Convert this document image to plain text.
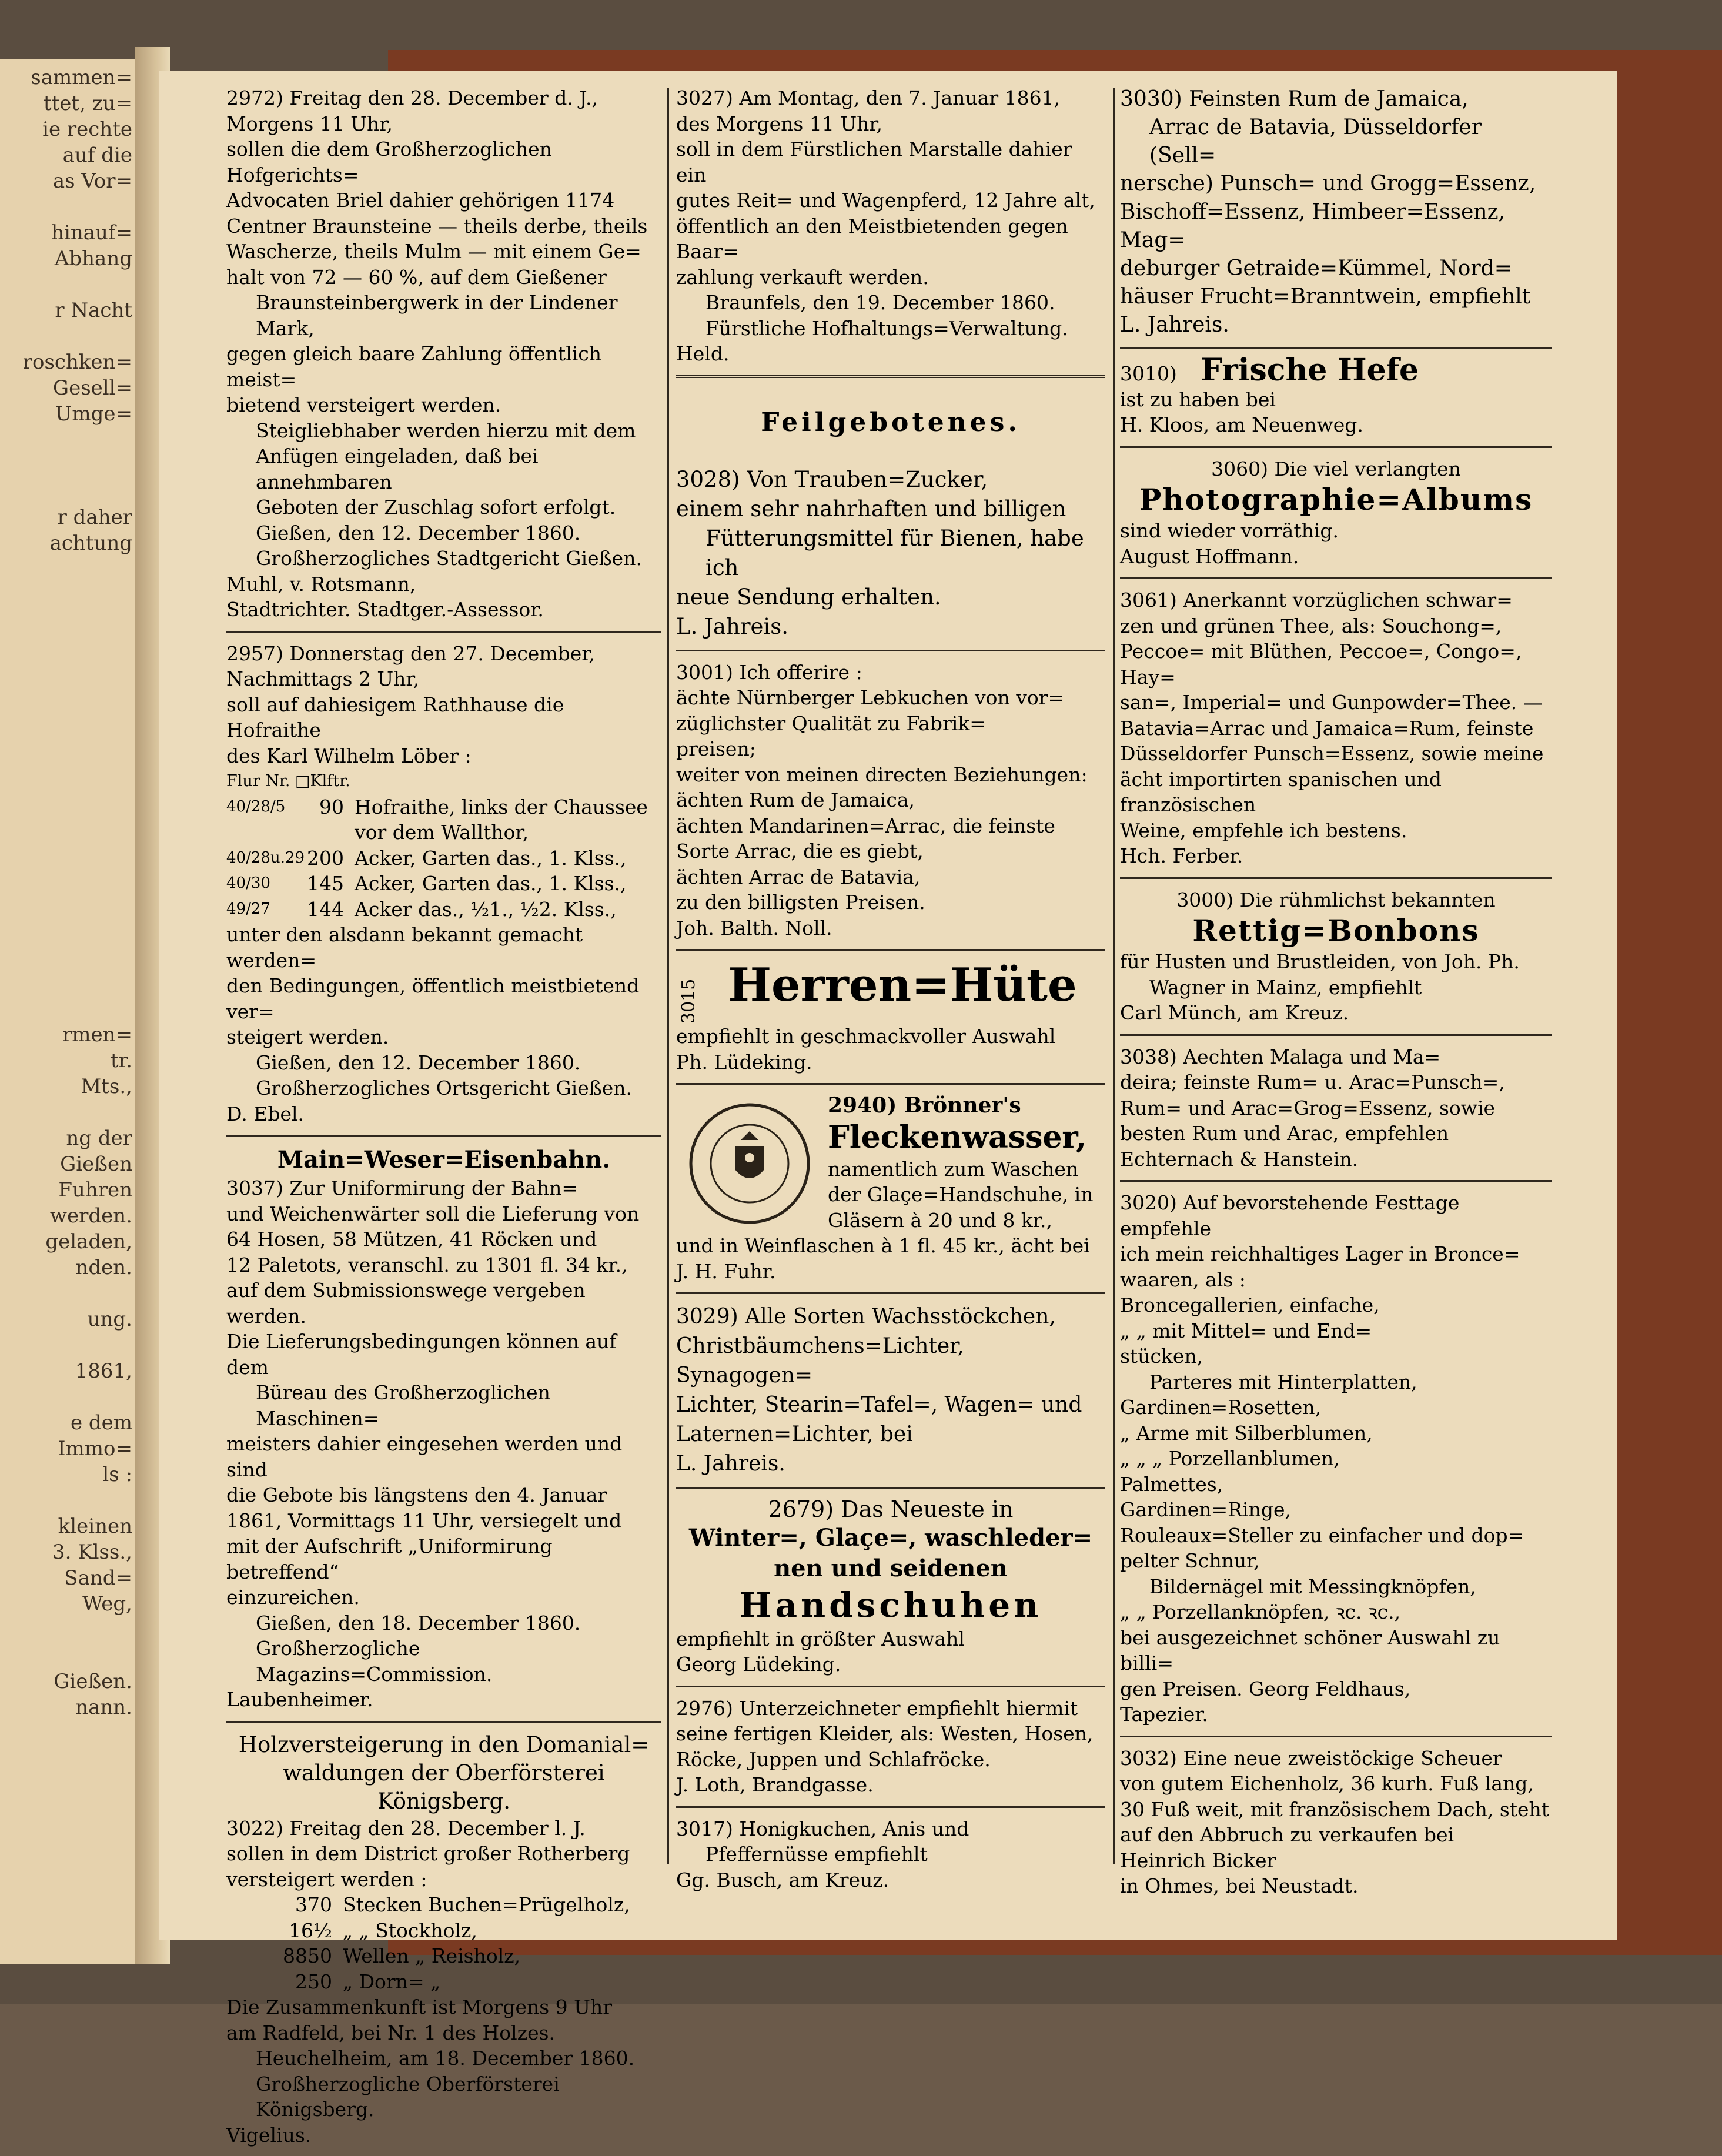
sammen=
ttet, zu=
ie rechte
auf die
as Vor=
hinauf=
Abhang
r Nacht
roschken=
Gesell=
Umge=
r daher
achtung
rmen=
tr.
Mts.,
ng der
Gießen
Fuhren
werden.
geladen,
nden.
ung.
1861,
e dem
Immo=
ls :
kleinen
3. Klss.,
Sand=
Weg,
Gießen.
nann.

2972) Freitag den 28. December d. J.,

Morgens 11 Uhr,

sollen die dem Großherzoglichen Hofgerichts=

Advocaten Briel dahier gehörigen 1174

Centner Braunsteine — theils derbe, theils

Wascherze, theils Mulm — mit einem Ge=

halt von 72 — 60 %, auf dem Gießener

Braunsteinbergwerk in der Lindener Mark,

gegen gleich baare Zahlung öffentlich meist=

bietend versteigert werden.

Steigliebhaber werden hierzu mit dem

Anfügen eingeladen, daß bei annehmbaren

Geboten der Zuschlag sofort erfolgt.

Gießen, den 12. December 1860.

Großherzogliches Stadtgericht Gießen.

Muhl, v. Rotsmann,

Stadtrichter. Stadtger.-Assessor.

2957) Donnerstag den 27. December,

Nachmittags 2 Uhr,

soll auf dahiesigem Rathhause die Hofraithe

des Karl Wilhelm Löber :

Flur Nr. □Klftr.

40/28/5	90 Hofraithe, links der Chaussee vor dem Wallthor,
40/28u.29 200 Acker, Garten das., 1. Klss.,
40/30	145 Acker, Garten das., 1. Klss.,
49/27	144 Acker das., ½1., ½2. Klss.,

unter den alsdann bekannt gemacht werden=

den Bedingungen, öffentlich meistbietend ver=

steigert werden.

Gießen, den 12. December 1860.

Großherzogliches Ortsgericht Gießen.

D. Ebel.

Main=Weser=Eisenbahn.

3037) Zur Uniformirung der Bahn=

und Weichenwärter soll die Lieferung von

64 Hosen, 58 Mützen, 41 Röcken und

12 Paletots, veranschl. zu 1301 fl. 34 kr.,

auf dem Submissionswege vergeben werden.

Die Lieferungsbedingungen können auf dem

Büreau des Großherzoglichen Maschinen=

meisters dahier eingesehen werden und sind

die Gebote bis längstens den 4. Januar

1861, Vormittags 11 Uhr, versiegelt und

mit der Aufschrift „Uniformirung betreffend“

einzureichen.

Gießen, den 18. December 1860.

Großherzogliche Magazins=Commission.

Laubenheimer.

Holzversteigerung in den Domanial=

waldungen der Oberförsterei

Königsberg.

3022) Freitag den 28. December l. J.

sollen in dem District großer Rotherberg

versteigert werden :

370 Stecken Buchen=Prügelholz,
16½ „ „ Stockholz,
8850 Wellen „ Reisholz,
250 „ Dorn= „

Die Zusammenkunft ist Morgens 9 Uhr

am Radfeld, bei Nr. 1 des Holzes.

Heuchelheim, am 18. December 1860.

Großherzogliche Oberförsterei Königsberg.

Vigelius.

3027) Am Montag, den 7. Januar 1861,

des Morgens 11 Uhr,

soll in dem Fürstlichen Marstalle dahier ein

gutes Reit= und Wagenpferd, 12 Jahre alt,

öffentlich an den Meistbietenden gegen Baar=

zahlung verkauft werden.

Braunfels, den 19. December 1860.

Fürstliche Hofhaltungs=Verwaltung.

Held.

Feilgebotenes.

3028) Von Trauben=Zucker,

einem sehr nahrhaften und billigen

Fütterungsmittel für Bienen, habe ich

neue Sendung erhalten.

L. Jahreis.

3001) Ich offerire :

ächte Nürnberger Lebkuchen von vor=

züglichster Qualität zu Fabrik=

preisen;

weiter von meinen directen Beziehungen:

ächten Rum de Jamaica,

ächten Mandarinen=Arrac, die feinste

Sorte Arrac, die es giebt,

ächten Arrac de Batavia,

zu den billigsten Preisen.

Joh. Balth. Noll.

3015 Herren=Hüte

empfiehlt in geschmackvoller Auswahl

Ph. Lüdeking.

2940) Brönner's

Fleckenwasser,

namentlich zum Waschen

der Glaçe=Handschuhe, in

Gläsern à 20 und 8 kr.,

und in Weinflaschen à 1 fl. 45 kr., ächt bei

J. H. Fuhr.

3029) Alle Sorten Wachsstöckchen,

Christbäumchens=Lichter, Synagogen=

Lichter, Stearin=Tafel=, Wagen= und

Laternen=Lichter, bei

L. Jahreis.

2679) Das Neueste in

Winter=, Glaçe=, waschleder=

nen und seidenen

Handschuhen

empfiehlt in größter Auswahl

Georg Lüdeking.

2976) Unterzeichneter empfiehlt hiermit

seine fertigen Kleider, als: Westen, Hosen,

Röcke, Juppen und Schlafröcke.

J. Loth, Brandgasse.

3017) Honigkuchen, Anis und

Pfeffernüsse empfiehlt

Gg. Busch, am Kreuz.

3030) Feinsten Rum de Jamaica,

Arrac de Batavia, Düsseldorfer (Sell=

nersche) Punsch= und Grogg=Essenz,

Bischoff=Essenz, Himbeer=Essenz, Mag=

deburger Getraide=Kümmel, Nord=

häuser Frucht=Branntwein, empfiehlt

L. Jahreis.

3010) Frische Hefe

ist zu haben bei

H. Kloos, am Neuenweg.

3060) Die viel verlangten

Photographie=Albums

sind wieder vorräthig.

August Hoffmann.

3061) Anerkannt vorzüglichen schwar=

zen und grünen Thee, als: Souchong=,

Peccoe= mit Blüthen, Peccoe=, Congo=, Hay=

san=, Imperial= und Gunpowder=Thee. —

Batavia=Arrac und Jamaica=Rum, feinste

Düsseldorfer Punsch=Essenz, sowie meine

ächt importirten spanischen und französischen

Weine, empfehle ich bestens.

Hch. Ferber.

3000) Die rühmlichst bekannten

Rettig=Bonbons

für Husten und Brustleiden, von Joh. Ph.

Wagner in Mainz, empfiehlt

Carl Münch, am Kreuz.

3038) Aechten Malaga und Ma=

deira; feinste Rum= u. Arac=Punsch=,

Rum= und Arac=Grog=Essenz, sowie

besten Rum und Arac, empfehlen

Echternach & Hanstein.

3020) Auf bevorstehende Festtage empfehle

ich mein reichhaltiges Lager in Bronce=

waaren, als :

Broncegallerien, einfache,

„ „ mit Mittel= und End=

stücken,

Parteres mit Hinterplatten,

Gardinen=Rosetten,

„ Arme mit Silberblumen,

„ „ „ Porzellanblumen,

Palmettes,

Gardinen=Ringe,

Rouleaux=Steller zu einfacher und dop=

pelter Schnur,

Bildernägel mit Messingknöpfen,

„ „ Porzellanknöpfen, ꝛc. ꝛc.,

bei ausgezeichnet schöner Auswahl zu billi=

gen Preisen. Georg Feldhaus,

Tapezier.

3032) Eine neue zweistöckige Scheuer

von gutem Eichenholz, 36 kurh. Fuß lang,

30 Fuß weit, mit französischem Dach, steht

auf den Abbruch zu verkaufen bei

Heinrich Bicker

in Ohmes, bei Neustadt.
